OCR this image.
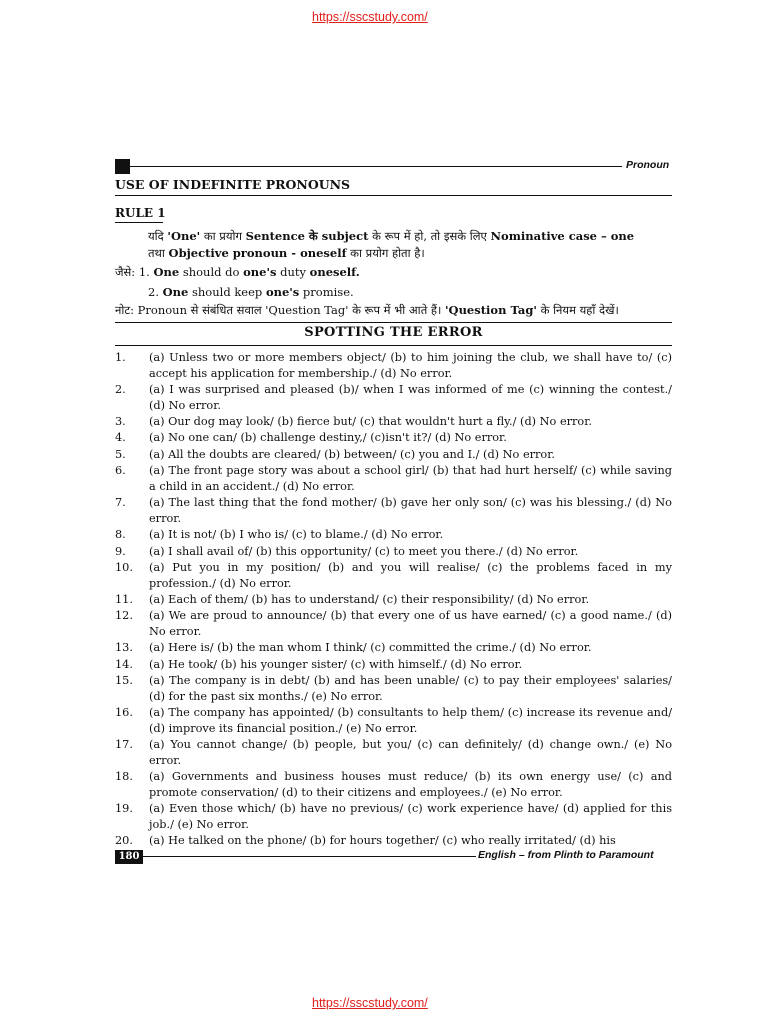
https://sscstudy.com/
Pronoun
USE OF INDEFINITE PRONOUNS
RULE 1
यदि 'One' का प्रयोग Sentence के subject के रूप में हो, तो इसके लिए Nominative case – one
तथा Objective pronoun - oneself का प्रयोग होता है।
जैसे: 1. One should do one's duty oneself.
2. One should keep one's promise.
नोट: Pronoun से संबंधित सवाल 'Question Tag' के रूप में भी आते हैं। 'Question Tag' के नियम यहाँ देखें।
SPOTTING THE ERROR
1.	(a) Unless two or more members object/ (b) to him joining the club, we shall have to/ (c) accept his application for membership./ (d) No error.
2.	(a) I was surprised and pleased (b)/ when I was informed of me (c) winning the contest./ (d) No error.
3.	(a) Our dog may look/ (b) fierce but/ (c) that wouldn't hurt a fly./ (d) No error.
4.	(a) No one can/ (b) challenge destiny,/ (c)isn't it?/ (d) No error.
5.	(a) All the doubts are cleared/ (b) between/ (c) you and I./ (d) No error.
6.	(a) The front page story was about a school girl/ (b) that had hurt herself/ (c) while saving a child in an accident./ (d) No error.
7.	(a) The last thing that the fond mother/ (b) gave her only son/ (c) was his blessing./ (d) No error.
8.	(a) It is not/ (b) I who is/ (c) to blame./ (d) No error.
9.	(a) I shall avail of/ (b) this opportunity/ (c) to meet you there./ (d) No error.
10.	(a) Put you in my position/ (b) and you will realise/ (c) the problems faced in my profession./ (d) No error.
11.	(a) Each of them/ (b) has to understand/ (c) their responsibility/ (d) No error.
12.	(a) We are proud to announce/ (b) that every one of us have earned/ (c) a good name./ (d) No error.
13.	(a) Here is/ (b) the man whom I think/ (c) committed the crime./ (d) No error.
14.	(a) He took/ (b) his younger sister/ (c) with himself./ (d) No error.
15.	(a) The company is in debt/ (b) and has been unable/ (c) to pay their employees' salaries/ (d) for the past six months./ (e) No error.
16.	(a) The company has appointed/ (b) consultants to help them/ (c) increase its revenue and/ (d) improve its financial position./ (e) No error.
17.	(a) You cannot change/ (b) people, but you/ (c) can definitely/ (d) change own./ (e) No error.
18.	(a) Governments and business houses must reduce/ (b) its own energy use/ (c) and promote conservation/ (d) to their citizens and employees./ (e) No error.
19.	(a) Even those which/ (b) have no previous/ (c) work experience have/ (d) applied for this job./ (e) No error.
20.	(a) He talked on the phone/ (b) for hours together/ (c) who really irritated/ (d) his
180	English – from Plinth to Paramount
https://sscstudy.com/
